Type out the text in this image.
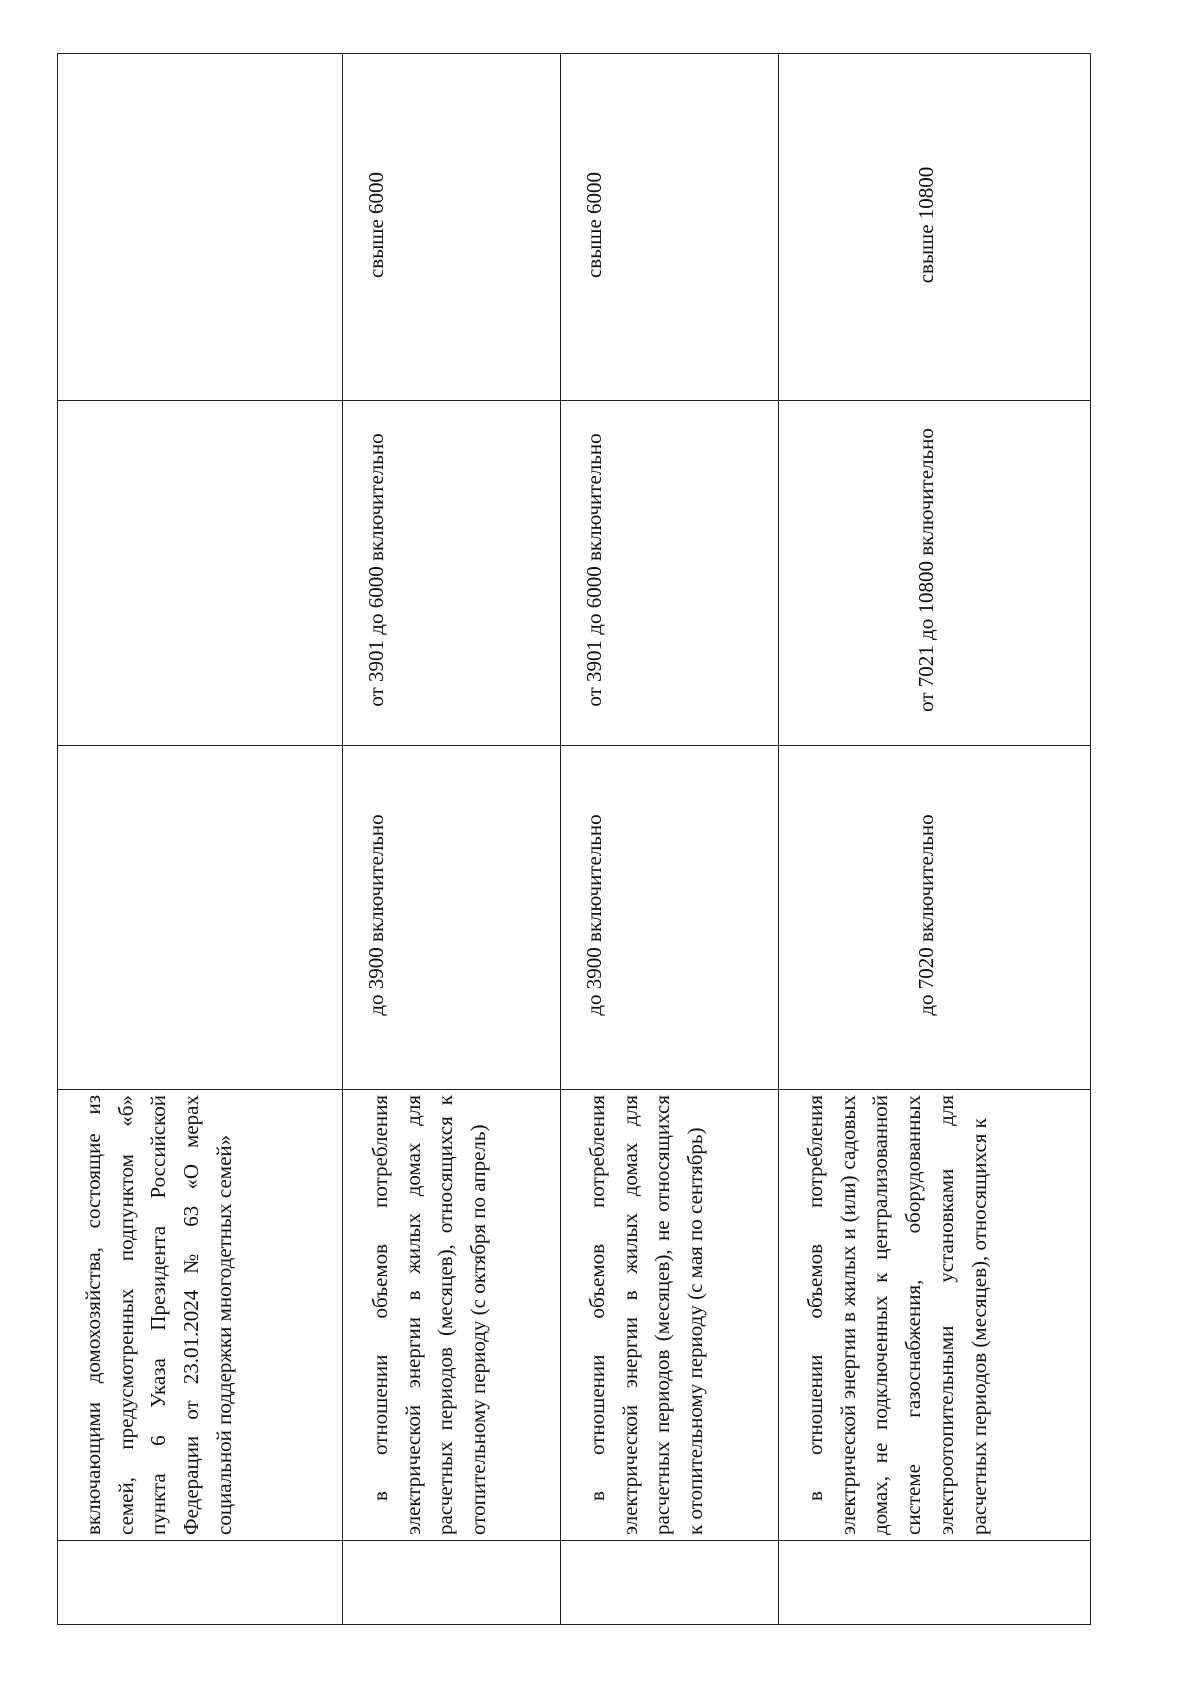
включающими домохозяйства, состоящие из семей, предусмотренных подпунктом «б» пункта 6 Указа Президента Российской Федерации от 23.01.2024 № 63 «О мерах социальной поддержки многодетных семей»	в отношении объемов потребления электрической энергии в жилых домах для расчетных периодов (месяцев), относящихся к отопительному периоду (с октября по апрель)

до 3900 включительно

от 3901 до 6000 включительно

свыше 6000

в отношении объемов потребления электрической энергии в жилых домах для расчетных периодов (месяцев), не относящихся к отопительному периоду (с мая по сентябрь)

до 3900 включительно

от 3901 до 6000 включительно

свыше 6000

в отношении объемов потребления электрической энергии в жилых и (или) садовых домах, не подключенных к централизованной системе газоснабжения, оборудованных электроотопительными установками для расчетных периодов (месяцев), относящихся к

до 7020 включительно

от 7021 до 10800 включительно

свыше 10800
